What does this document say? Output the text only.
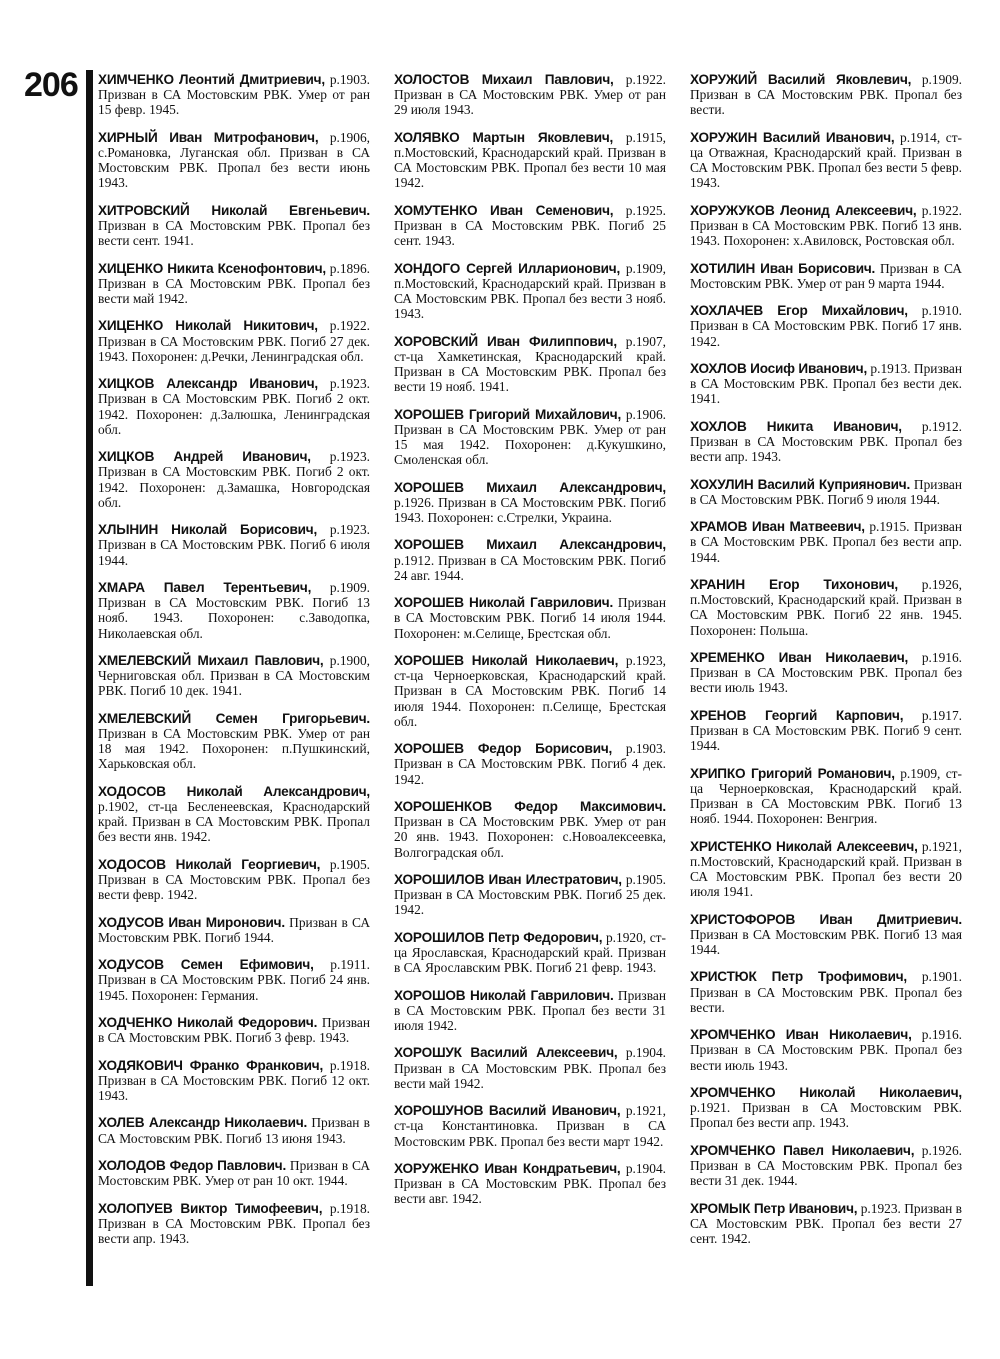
206 ХИМЧЕНКО Леонтий Дмитриевич, р.1903. Призван в СА Мостовским РВК. Умер от ран 15 февр. 1945.

ХИРНЫЙ Иван Митрофанович, р.1906, с.Романовка, Луганская обл. Призван в СА Мостовским РВК. Пропал без вести июнь 1943.

ХИТРОВСКИЙ Николай Евгеньевич. Призван в СА Мостовским РВК. Пропал без вести сент. 1941.

ХИЦЕНКО Никита Ксенофонтович, р.1896. Призван в СА Мостовским РВК. Пропал без вести май 1942.

ХИЦЕНКО Николай Никитович, р.1922. Призван в СА Мостовским РВК. Погиб 27 дек. 1943. Похоронен: д.Речки, Ленинградская обл.

ХИЦКОВ Александр Иванович, р.1923. Призван в СА Мостовским РВК. Погиб 2 окт. 1942. Похоронен: д.Залюшка, Ленинградская обл.

ХИЦКОВ Андрей Иванович, р.1923. Призван в СА Мостовским РВК. Погиб 2 окт. 1942. Похоронен: д.Замашка, Новгородская обл.

ХЛЫНИН Николай Борисович, р.1923. Призван в СА Мостовским РВК. Погиб 6 июля 1944.

ХМАРА Павел Терентьевич, р.1909. Призван в СА Мостовским РВК. Погиб 13 нояб. 1943. Похоронен: с.Заводопка, Николаевская обл.

ХМЕЛЕВСКИЙ Михаил Павлович, р.1900, Черниговская обл. Призван в СА Мостовским РВК. Погиб 10 дек. 1941.

ХМЕЛЕВСКИЙ Семен Григорьевич. Призван в СА Мостовским РВК. Умер от ран 18 мая 1942. Похоронен: п.Пушкинский, Харьковская обл.

ХОДОСОВ Николай Александрович, р.1902, ст-ца Бесленеевская, Краснодарский край. Призван в СА Мостовским РВК. Пропал без вести янв. 1942.

ХОДОСОВ Николай Георгиевич, р.1905. Призван в СА Мостовским РВК. Пропал без вести февр. 1942.

ХОДУСОВ Иван Миронович. Призван в СА Мостовским РВК. Погиб 1944.

ХОДУСОВ Семен Ефимович, р.1911. Призван в СА Мостовским РВК. Погиб 24 янв. 1945. Похоронен: Германия.

ХОДЧЕНКО Николай Федорович. Призван в СА Мостовским РВК. Погиб 3 февр. 1943.

ХОДЯКОВИЧ Франко Франкович, р.1918. Призван в СА Мостовским РВК. Погиб 12 окт. 1943.

ХОЛЕВ Александр Николаевич. Призван в СА Мостовским РВК. Погиб 13 июня 1943.

ХОЛОДОВ Федор Павлович. Призван в СА Мостовским РВК. Умер от ран 10 окт. 1944.

ХОЛОПУЕВ Виктор Тимофеевич, р.1918. Призван в СА Мостовским РВК. Пропал без вести апр. 1943.

ХОЛОСТОВ Михаил Павлович, р.1922. Призван в СА Мостовским РВК. Умер от ран 29 июля 1943.

ХОЛЯВКО Мартын Яковлевич, р.1915, п.Мостовский, Краснодарский край. Призван в СА Мостовским РВК. Пропал без вести 10 мая 1942.

ХОМУТЕНКО Иван Семенович, р.1925. Призван в СА Мостовским РВК. Погиб 25 сент. 1943.

ХОНДОГО Сергей Илларионович, р.1909, п.Мостовский, Краснодарский край. Призван в СА Мостовским РВК. Пропал без вести 3 нояб. 1943.

ХОРОВСКИЙ Иван Филиппович, р.1907, ст-ца Хамкетинская, Краснодарский край. Призван в СА Мостовским РВК. Пропал без вести 19 нояб. 1941.

ХОРОШЕВ Григорий Михайлович, р.1906. Призван в СА Мостовским РВК. Умер от ран 15 мая 1942. Похоронен: д.Кукушкино, Смоленская обл.

ХОРОШЕВ Михаил Александрович, р.1926. Призван в СА Мостовским РВК. Погиб 1943. Похоронен: с.Стрелки, Украина.

ХОРОШЕВ Михаил Александрович, р.1912. Призван в СА Мостовским РВК. Погиб 24 авг. 1944.

ХОРОШЕВ Николай Гаврилович. Призван в СА Мостовским РВК. Погиб 14 июля 1944. Похоронен: м.Селище, Брестская обл.

ХОРОШЕВ Николай Николаевич, р.1923, ст-ца Черноерковская, Краснодарский край. Призван в СА Мостовским РВК. Погиб 14 июля 1944. Похоронен: п.Селище, Брестская обл.

ХОРОШЕВ Федор Борисович, р.1903. Призван в СА Мостовским РВК. Погиб 4 дек. 1942.

ХОРОШЕНКОВ Федор Максимович. Призван в СА Мостовским РВК. Умер от ран 20 янв. 1943. Похоронен: с.Новоалексеевка, Волгоградская обл.

ХОРОШИЛОВ Иван Илестратович, р.1905. Призван в СА Мостовским РВК. Погиб 25 дек. 1942.

ХОРОШИЛОВ Петр Федорович, р.1920, ст-ца Ярославская, Краснодарский край. Призван в СА Ярославским РВК. Погиб 21 февр. 1943.

ХОРОШОВ Николай Гаврилович. Призван в СА Мостовским РВК. Пропал без вести 31 июля 1942.

ХОРОШУК Василий Алексеевич, р.1904. Призван в СА Мостовским РВК. Пропал без вести май 1942.

ХОРОШУНОВ Василий Иванович, р.1921, ст-ца Константиновка. Призван в СА Мостовским РВК. Пропал без вести март 1942.

ХОРУЖЕНКО Иван Кондратьевич, р.1904. Призван в СА Мостовским РВК. Пропал без вести авг. 1942.

ХОРУЖИЙ Василий Яковлевич, р.1909. Призван в СА Мостовским РВК. Пропал без вести.

ХОРУЖИН Василий Иванович, р.1914, ст-ца Отважная, Краснодарский край. Призван в СА Мостовским РВК. Пропал без вести 5 февр. 1943.

ХОРУЖУКОВ Леонид Алексеевич, р.1922. Призван в СА Мостовским РВК. Погиб 13 янв. 1943. Похоронен: х.Авиловск, Ростовская обл.

ХОТИЛИН Иван Борисович. Призван в СА Мостовским РВК. Умер от ран 9 марта 1944.

ХОХЛАЧЕВ Егор Михайлович, р.1910. Призван в СА Мостовским РВК. Погиб 17 янв. 1942.

ХОХЛОВ Иосиф Иванович, р.1913. Призван в СА Мостовским РВК. Пропал без вести дек. 1941.

ХОХЛОВ Никита Иванович, р.1912. Призван в СА Мостовским РВК. Пропал без вести апр. 1943.

ХОХУЛИН Василий Куприянович. Призван в СА Мостовским РВК. Погиб 9 июля 1944.

ХРАМОВ Иван Матвеевич, р.1915. Призван в СА Мостовским РВК. Пропал без вести апр. 1944.

ХРАНИН Егор Тихонович, р.1926, п.Мостовский, Краснодарский край. Призван в СА Мостовским РВК. Погиб 22 янв. 1945. Похоронен: Польша.

ХРЕМЕНКО Иван Николаевич, р.1916. Призван в СА Мостовским РВК. Пропал без вести июль 1943.

ХРЕНОВ Георгий Карпович, р.1917. Призван в СА Мостовским РВК. Погиб 9 сент. 1944.

ХРИПКО Григорий Романович, р.1909, ст-ца Черноерковская, Краснодарский край. Призван в СА Мостовским РВК. Погиб 13 нояб. 1944. Похоронен: Венгрия.

ХРИСТЕНКО Николай Алексеевич, р.1921, п.Мостовский, Краснодарский край. Призван в СА Мостовским РВК. Пропал без вести 20 июля 1941.

ХРИСТОФОРОВ Иван Дмитриевич. Призван в СА Мостовским РВК. Погиб 13 мая 1944.

ХРИСТЮК Петр Трофимович, р.1901. Призван в СА Мостовским РВК. Пропал без вести.

ХРОМЧЕНКО Иван Николаевич, р.1916. Призван в СА Мостовским РВК. Пропал без вести июль 1943.

ХРОМЧЕНКО Николай Николаевич, р.1921. Призван в СА Мостовским РВК. Пропал без вести апр. 1943.

ХРОМЧЕНКО Павел Николаевич, р.1926. Призван в СА Мостовским РВК. Пропал без вести 31 дек. 1944.

ХРОМЫК Петр Иванович, р.1923. Призван в СА Мостовским РВК. Пропал без вести 27 сент. 1942.
